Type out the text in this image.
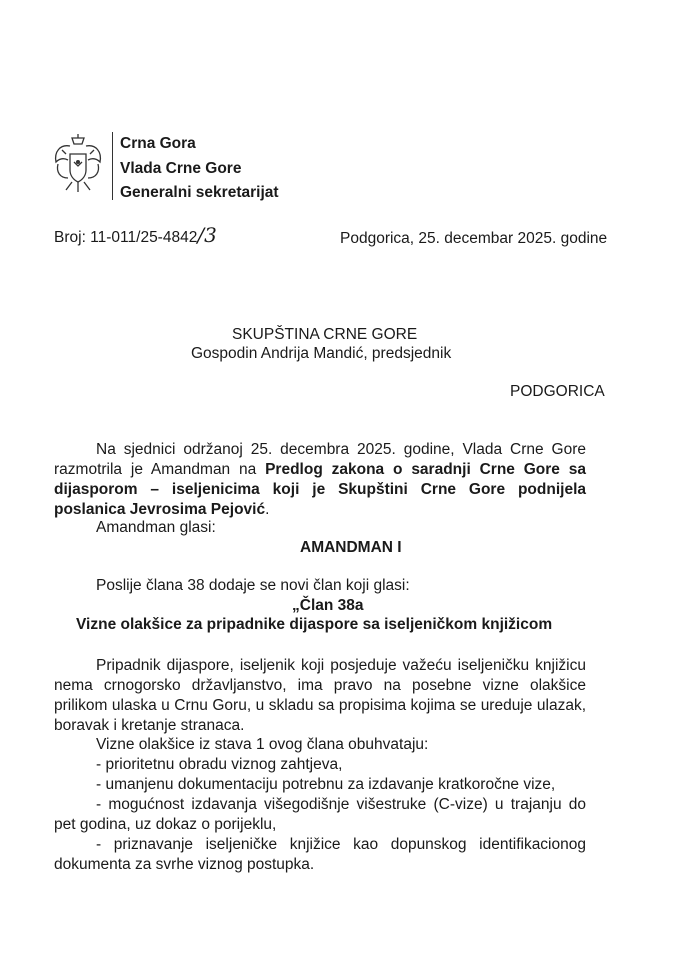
Crna Gora
Vlada Crne Gore
Generalni sekretarijat
Broj: 11-011/25-4842/3	Podgorica, 25. decembar 2025. godine
SKUPŠTINA CRNE GORE
Gospodin Andrija Mandić, predsjednik
PODGORICA
Na sjednici održanoj 25. decembra 2025. godine, Vlada Crne Gore
razmotrila je Amandman na Predlog zakona o saradnji Crne Gore sa
dijasporom – iseljenicima koji je Skupštini Crne Gore podnijela
poslanica Jevrosima Pejović.
Amandman glasi:
AMANDMAN I
Poslije člana 38 dodaje se novi član koji glasi:
„Član 38a
Vizne olakšice za pripadnike dijaspore sa iseljeničkom knjižicom
Pripadnik dijaspore, iseljenik koji posjeduje važeću iseljeničku knjižicu
nema crnogorsko državljanstvo, ima pravo na posebne vizne olakšice
prilikom ulaska u Crnu Goru, u skladu sa propisima kojima se ureduje ulazak,
boravak i kretanje stranaca.
Vizne olakšice iz stava 1 ovog člana obuhvataju:
- prioritetnu obradu viznog zahtjeva,
- umanjenu dokumentaciju potrebnu za izdavanje kratkoročne vize,
- mogućnost izdavanja višegodišnje višestruke (C-vize) u trajanju do
pet godina, uz dokaz o porijeklu,
- priznavanje iseljeničke knjižice kao dopunskog identifikacionog
dokumenta za svrhe viznog postupka.
